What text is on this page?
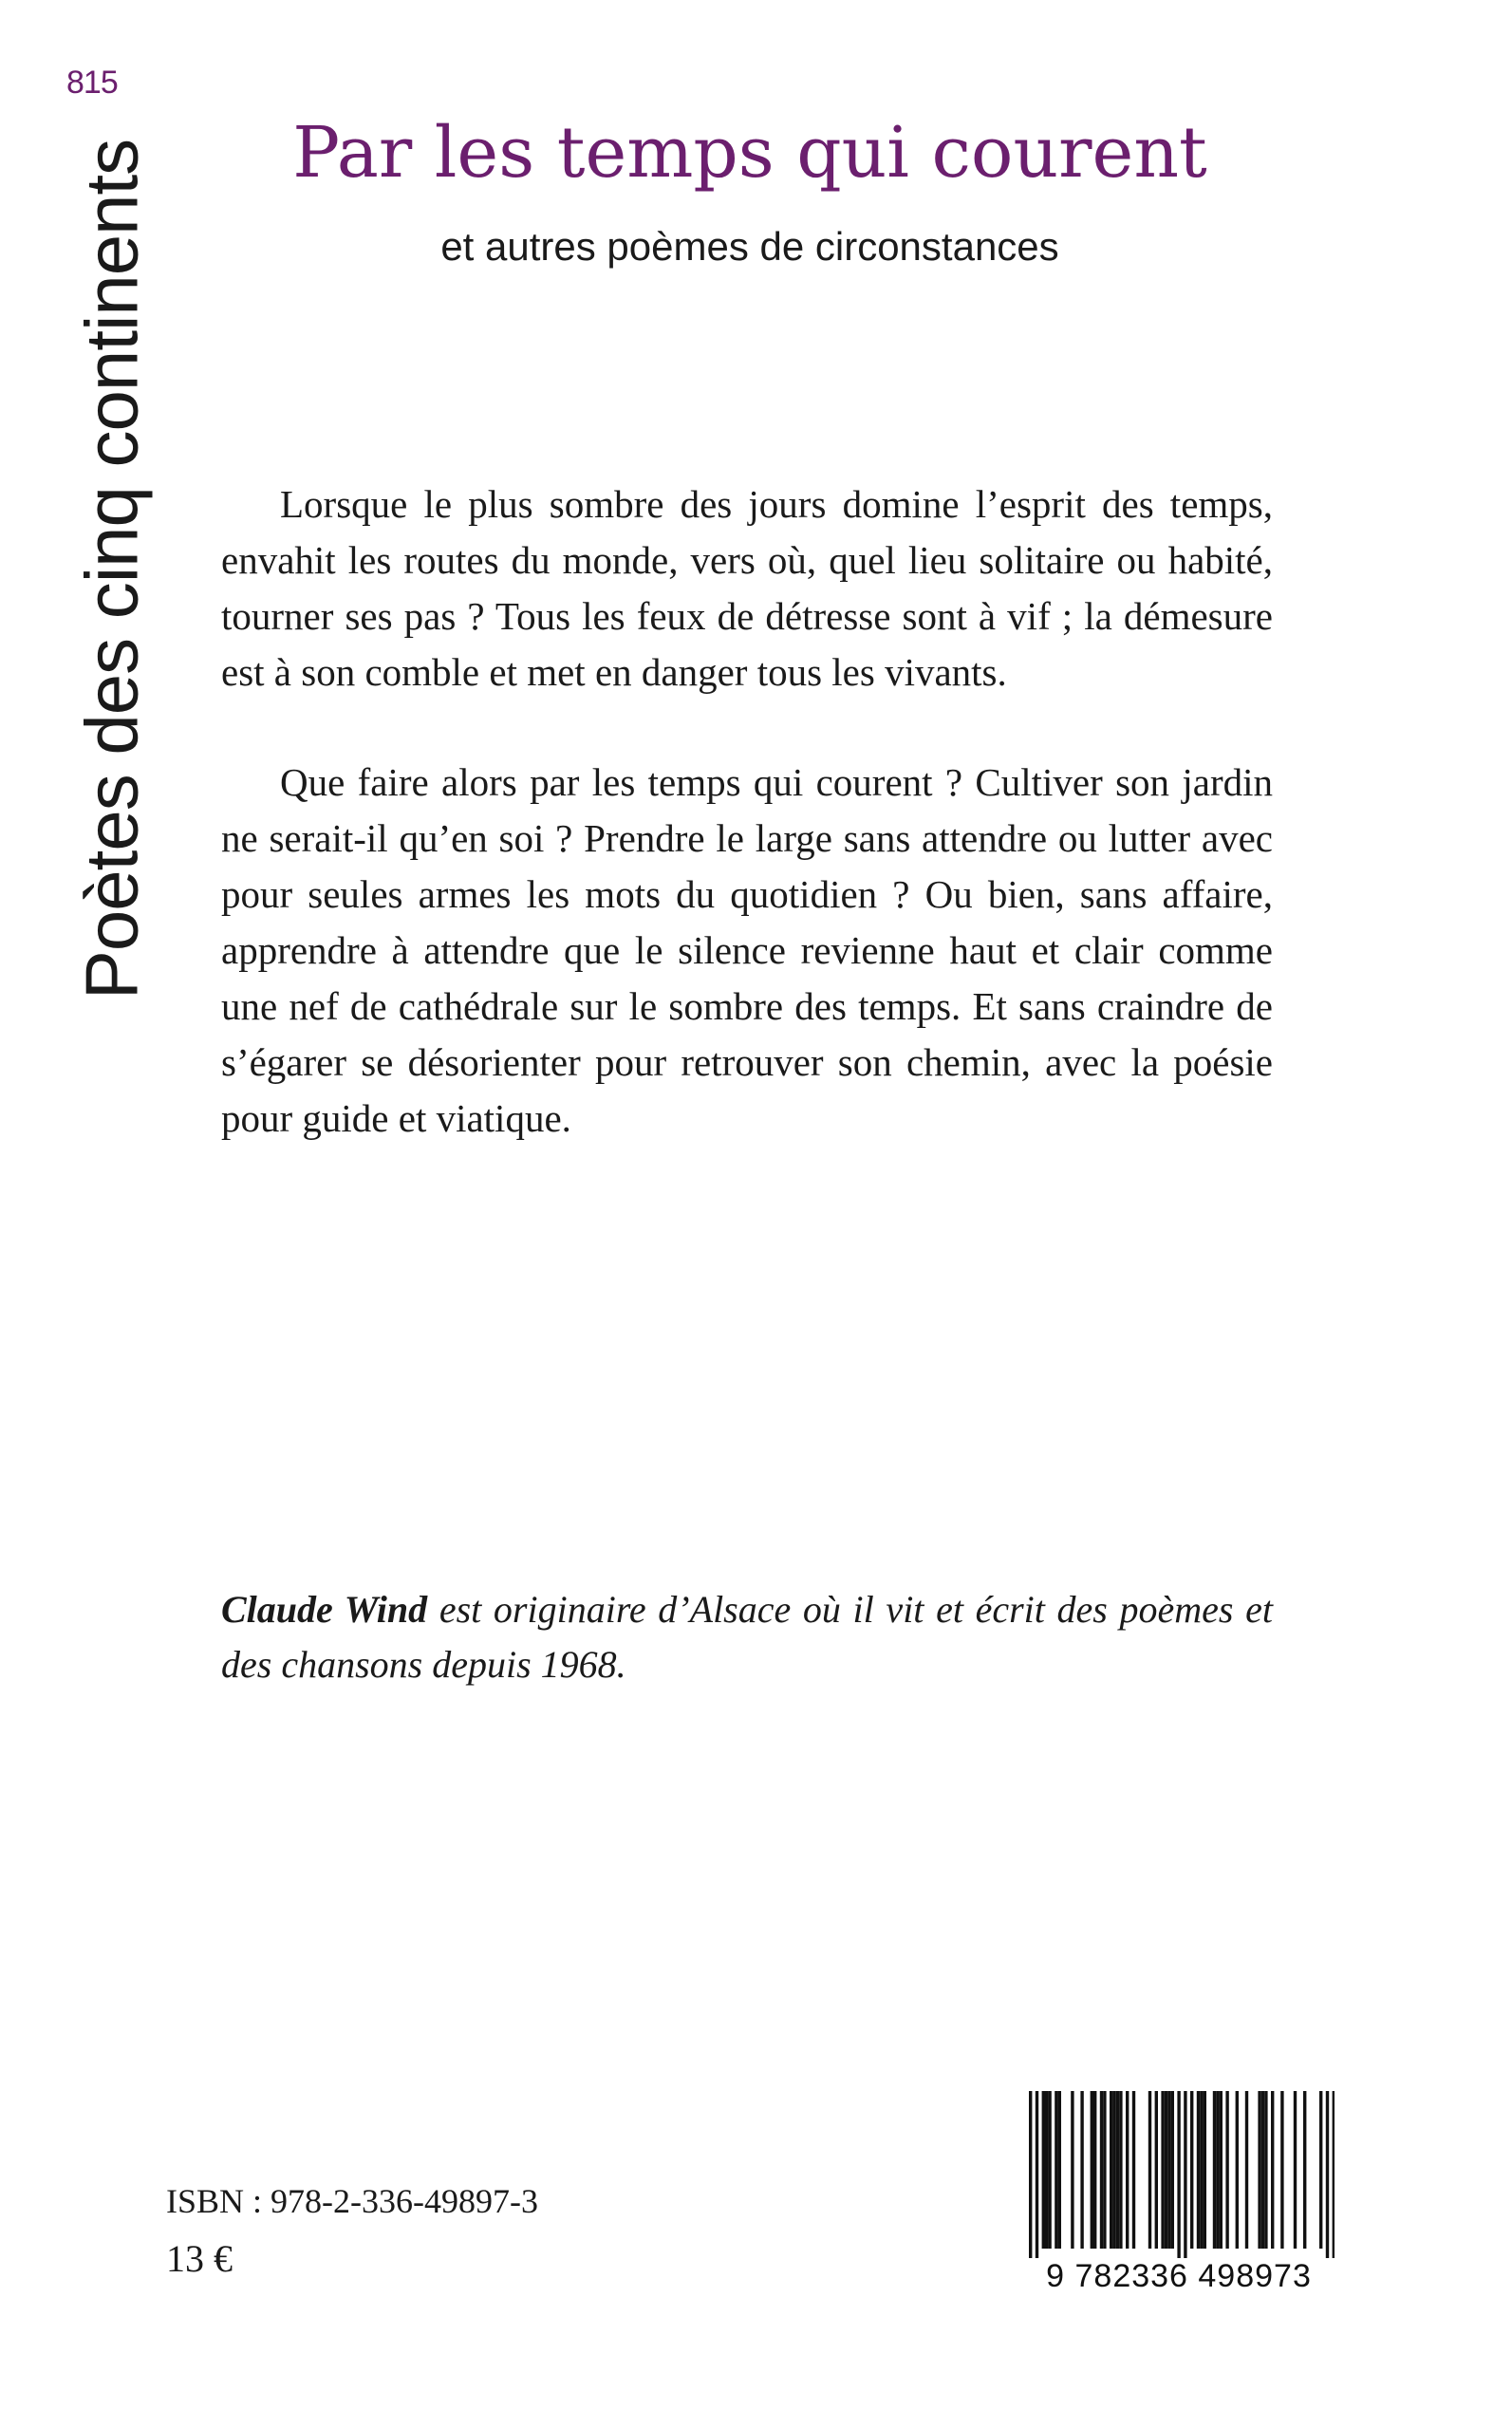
815
Poètes des cinq continents	Par les temps qui courent
et autres poèmes de circonstances

Lorsque le plus sombre des jours domine l’esprit des temps, envahit les routes du monde, vers où, quel lieu solitaire ou habité, tourner ses pas ? Tous les feux de détresse sont à vif ; la démesure est à son comble et met en danger tous les vivants.

Que faire alors par les temps qui courent ? Cultiver son jardin ne serait-il qu’en soi ? Prendre le large sans attendre ou lutter avec pour seules armes les mots du quotidien ? Ou bien, sans affaire, apprendre à attendre que le silence revienne haut et clair comme une nef de cathédrale sur le sombre des temps. Et sans craindre de s’égarer se désorienter pour retrouver son chemin, avec la poésie pour guide et viatique.

Claude Wind est originaire d’Alsace où il vit et écrit des poèmes et des chansons depuis 1968.
ISBN : 978-2-336-49897-3
13 €	9 782336 498973
